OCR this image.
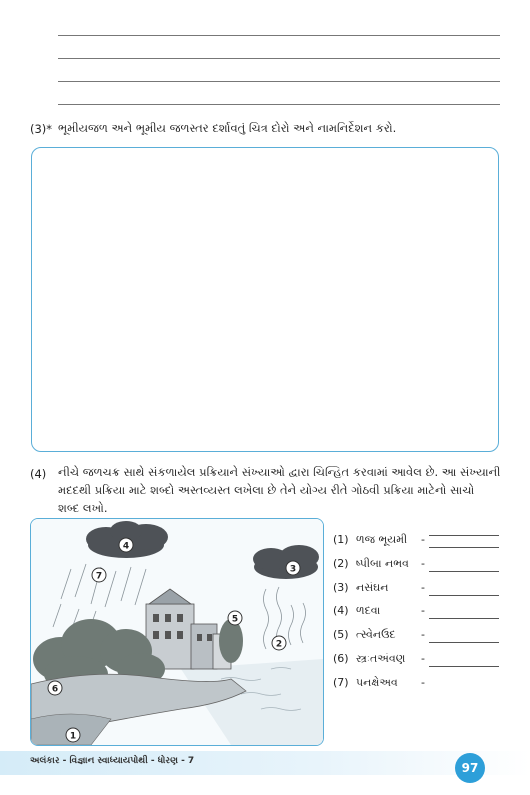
(3)* ભૂમીયજળ અને ભૂમીય જળસ્તર દર્શાવતું ચિત્ર દોરો અને નામનિર્દેશન કરો.
(4) નીચે જળચક્ર સાથે સંકળાયેલ પ્રક્રિયાને સંખ્યાઓ દ્વારા ચિન્હિત કરવામાં આવેલ છે. આ સંખ્યાની
મદદથી પ્રક્રિયા માટે શબ્દો અસ્તવ્યસ્ત લખેલા છે તેને યોગ્ય રીતે ગોઠવી પ્રક્રિયા માટેનો સાચો
શબ્દ લખો.
1
2
3
4
5
6
7
(1) ળજ ભૂયમી -
(2) ષ્પીબા નભવ -
(3) નસંઘન	-
(4) ળદવા	-
(5) ત્સ્વેનઉદ -
(6) સ્ત્રઃતઅંવણ -
(7) પનક્ષેઅવ -
અલંકાર - વિજ્ઞાન સ્વાધ્યાયપોથી - ધોરણ - 7	97
